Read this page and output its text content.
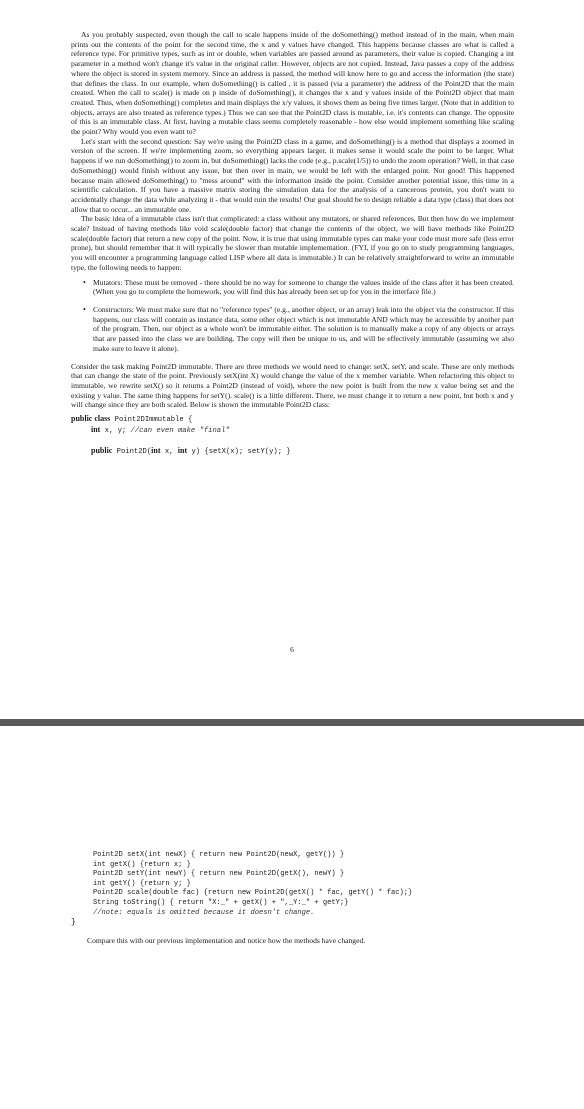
As you probably suspected, even though the call to scale happens inside of the doSomething() method instead of in the main, when main prints out the contents of the point for the second time, the x and y values have changed. This happens because classes are what is called a reference type. For primitive types, such as int or double, when variables are passed around as parameters, their value is copied. Changing a int parameter in a method won't change it's value in the original caller. However, objects are not copied. Instead, Java passes a copy of the address where the object is stored in system memory. Since an address is passed, the method will know here to go and access the information (the state) that defines the class. In our example, when doSomething() is called , it is passed (via a parameter) the address of the Point2D that the main created. When the call to scale() is made on p inside of doSomething(), it changes the x and y values inside of the Point2D object that main created. Thus, when doSomething() completes and main displays the x/y values, it shows them as being five times larger. (Note that in addition to objects, arrays are also treated as reference types.) Thus we can see that the Point2D class is mutable, i.e. it's contents can change. The opposite of this is an immutable class. At first, having a mutable class seems completely reasonable - how else would implement something like scaling the point? Why would you even want to?

Let's start with the second question: Say we're using the Point2D class in a game, and doSomething() is a method that displays a zoomed in version of the screen. If we're implementing zoom, so everything appears larger, it makes sense it would scale the point to be larger. What happens if we run doSomething() to zoom in, but doSomething() lacks the code (e.g., p.scale(1/5)) to undo the zoom operation? Well, in that case doSomething() would finish without any issue, but then over in main, we would be left with the enlarged point. Not good! This happened because main allowed doSomething() to "mess around" with the information inside the point. Consider another potential issue, this time in a scientific calculation. If you have a massive matrix storing the simulation data for the analysis of a cancerous protein, you don't want to accidentally change the data while analyzing it - that would ruin the results! Our goal should be to design reliable a data type (class) that does not allow that to occur... an immutable one.

The basic idea of a immutable class isn't that complicated: a class without any mutators, or shared references. But then how do we implement scale? Instead of having methods like void scale(double factor) that change the contents of the object, we will have methods like Point2D scale(double factor) that return a new copy of the point. Now, it is true that using immutable types can make your code must more safe (less error prone), but should remember that it will typically be slower than mutable implementation. (FYI, if you go on to study programming languages, you will encounter a programming language called LISP where all data is immutable.) It can be relatively straightforward to write an immutable type, the following needs to happen:

• Mutators: These must be removed - there should be no way for someone to change the values inside of the class after it has been created. (When you go to complete the homework, you will find this has already been set up for you in the interface file.)
• Constructors: We must make sure that no "reference types" (e.g., another object, or an array) leak into the object via the constructor. If this happens, our class will contain as instance data, some other object which is not immutable AND which may be accessible by another part of the program. Then, our object as a whole won't be immutable either. The solution is to manually make a copy of any objects or arrays that are passed into the class we are building. The copy will then be unique to us, and will be effectively immutable (assuming we also make sure to leave it alone).

Consider the task making Point2D immutable. There are three methods we would need to change: setX, setY, and scale. These are only methods that can change the state of the point. Previously setX(int X) would change the value of the x member variable. When refactoring this object to immutable, we rewrite setX() so it returns a Point2D (instead of void), where the new point is built from the new x value being set and the existing y value. The same thing happens for setY(). scale() is a little different. There, we must change it to return a new point, but both x and y will change since they are both scaled. Below is shown the immutable Point2D class:

public class Point2DImmutable {
int x, y; //can even make "final"
public Point2D(int x, int y) {setX(x); setY(y); }
6
Point2D setX(int newX) { return new Point2D(newX, getY()) }
int getX() {return x; }
Point2D setY(int newY) { return new Point2D(getX(), newY) }
int getY() {return y; }
Point2D scale(double fac) {return new Point2D(getX() * fac, getY() * fac);}
String toString() { return "X:_" + getX() + ",_Y:_" + getY;}
//note: equals is omitted because it doesn't change.
}
Compare this with our previous implementation and notice how the methods have changed.
